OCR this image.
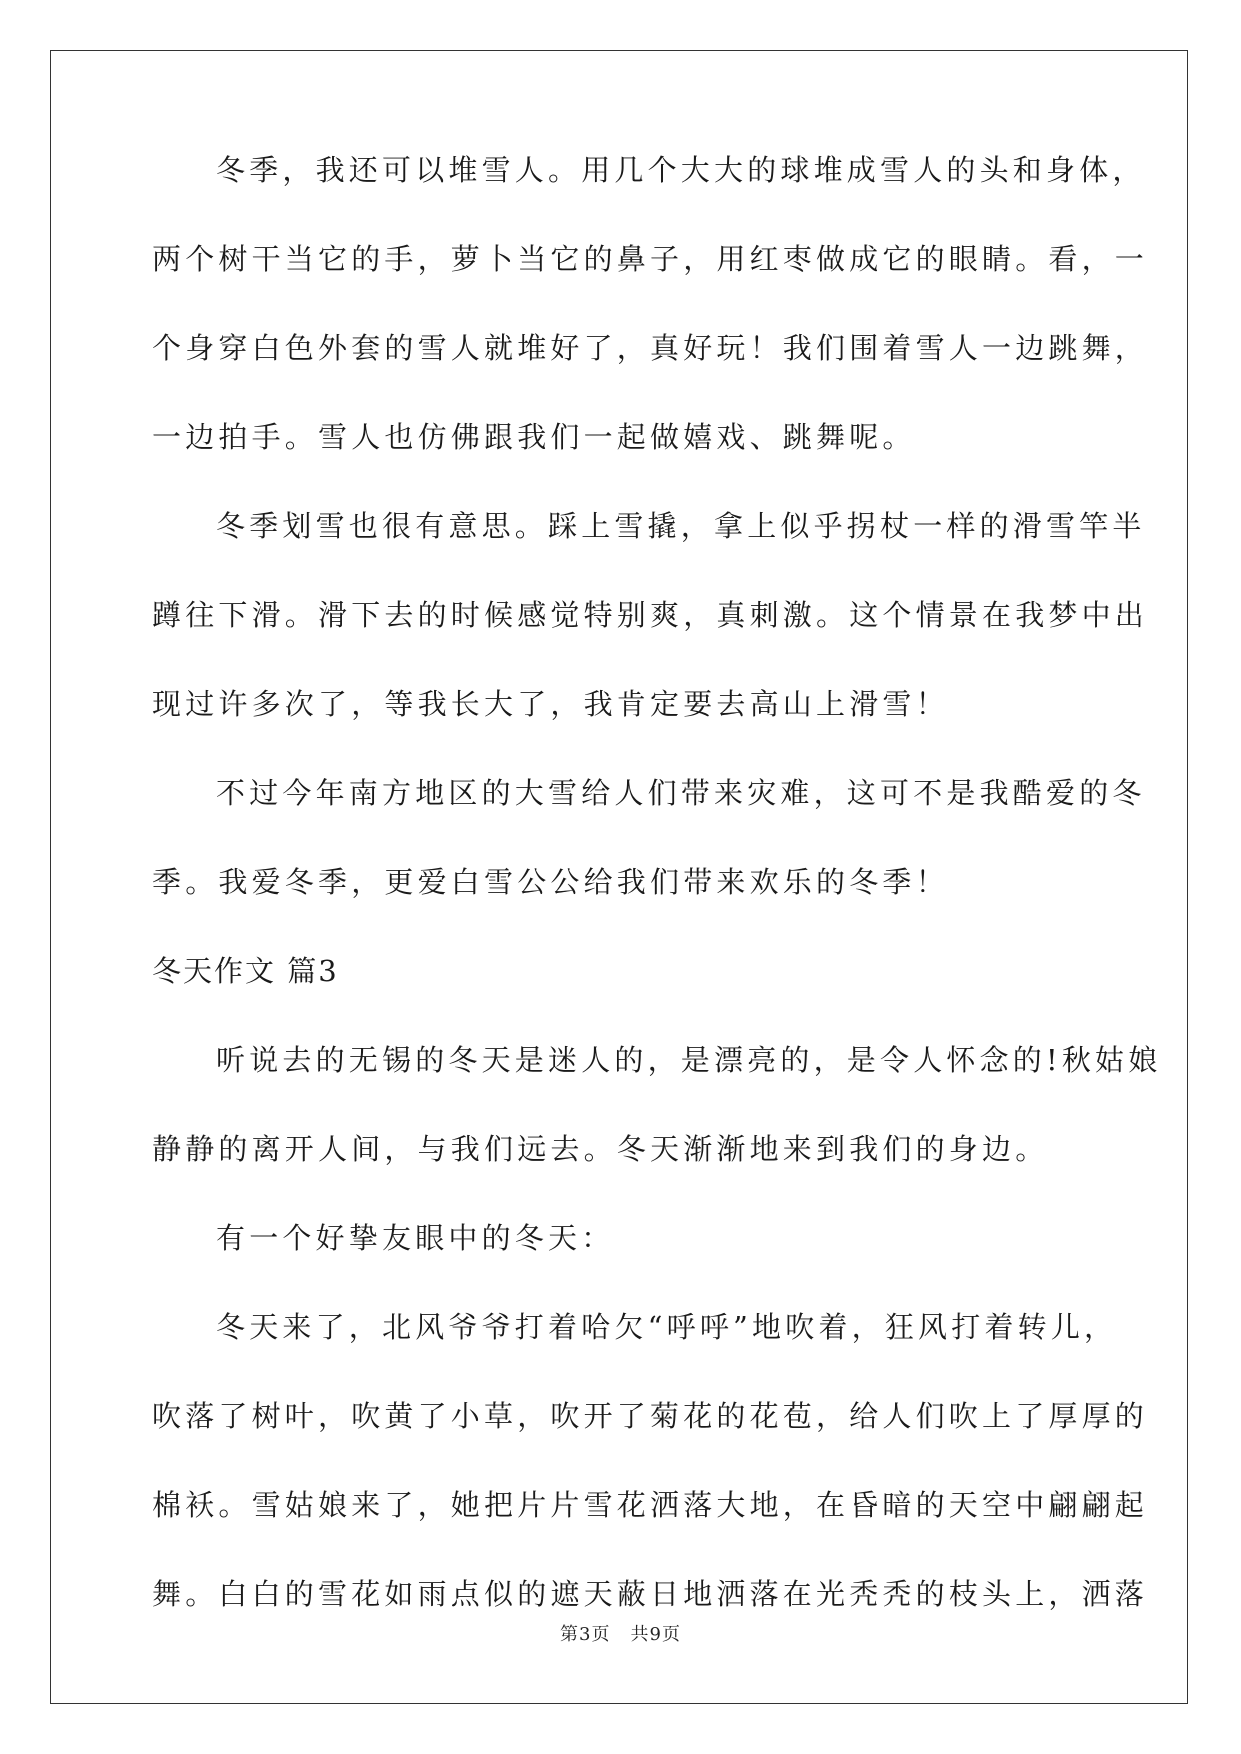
冬季，我还可以堆雪人。用几个大大的球堆成雪人的头和身体，
两个树干当它的手，萝卜当它的鼻子，用红枣做成它的眼睛。看，一
个身穿白色外套的雪人就堆好了，真好玩！我们围着雪人一边跳舞，
一边拍手。雪人也仿佛跟我们一起做嬉戏、跳舞呢。
冬季划雪也很有意思。踩上雪撬，拿上似乎拐杖一样的滑雪竿半
蹲往下滑。滑下去的时候感觉特别爽，真刺激。这个情景在我梦中出
现过许多次了，等我长大了，我肯定要去高山上滑雪！
不过今年南方地区的大雪给人们带来灾难，这可不是我酷爱的冬
季。我爱冬季，更爱白雪公公给我们带来欢乐的冬季！
冬天作文 篇3
听说去的无锡的冬天是迷人的，是漂亮的，是令人怀念的!秋姑娘
静静的离开人间，与我们远去。冬天渐渐地来到我们的身边。
有一个好挚友眼中的冬天：
冬天来了，北风爷爷打着哈欠“呼呼”地吹着，狂风打着转儿，
吹落了树叶，吹黄了小草，吹开了菊花的花苞，给人们吹上了厚厚的
棉袄。雪姑娘来了，她把片片雪花洒落大地，在昏暗的天空中翩翩起
舞。白白的雪花如雨点似的遮天蔽日地洒落在光秃秃的枝头上，洒落
第3页 共9页
